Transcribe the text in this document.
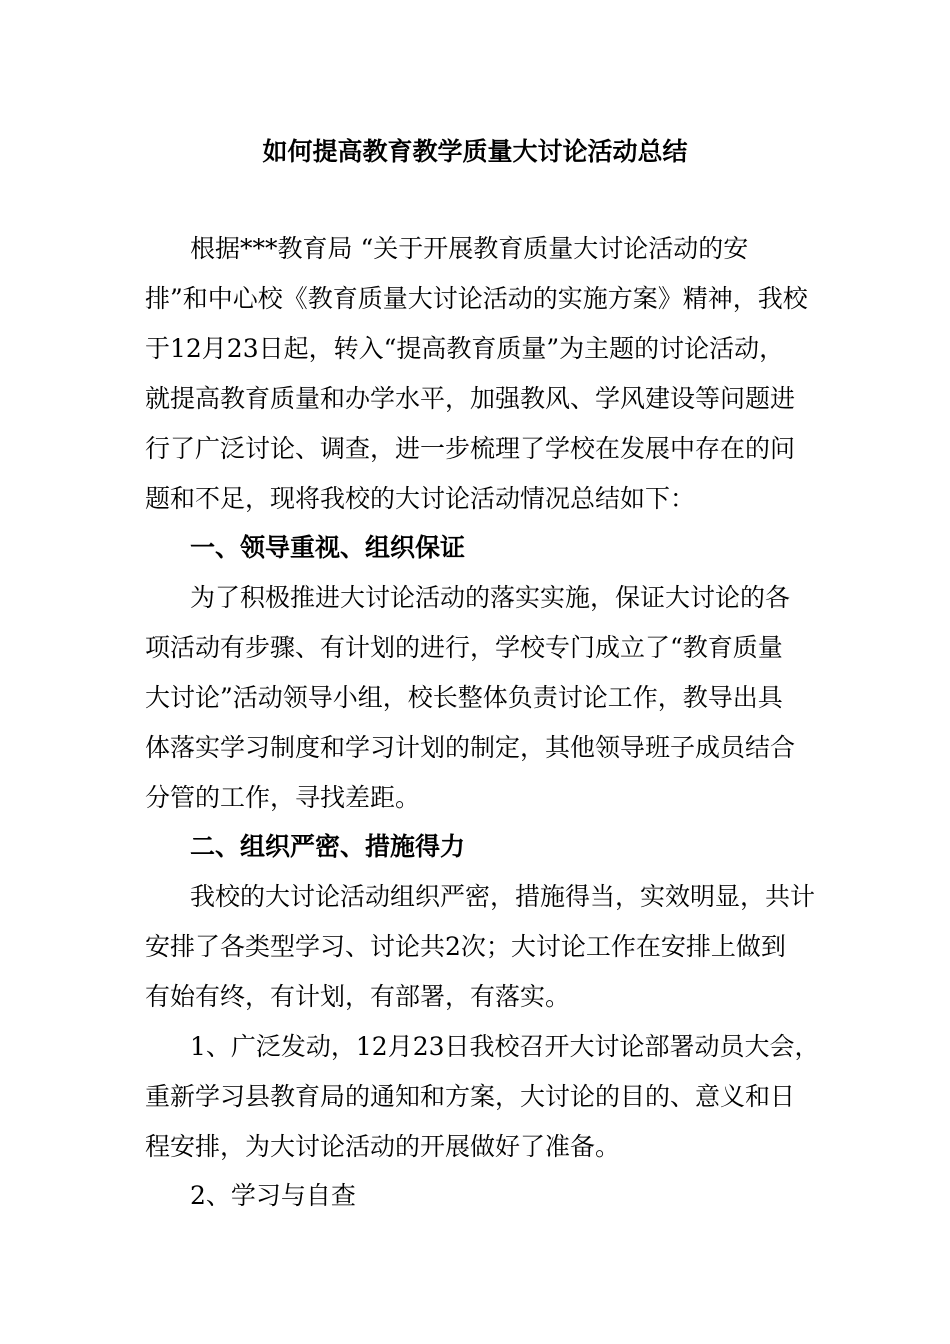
如何提高教育教学质量大讨论活动总结
根据***教育局 “关于开展教育质量大讨论活动的安
排”和中心校《教育质量大讨论活动的实施方案》精神，我校
于12月23日起，转入“提高教育质量”为主题的讨论活动，
就提高教育质量和办学水平，加强教风、学风建设等问题进
行了广泛讨论、调查，进一步梳理了学校在发展中存在的问
题和不足，现将我校的大讨论活动情况总结如下：
一、领导重视、组织保证
为了积极推进大讨论活动的落实实施，保证大讨论的各
项活动有步骤、有计划的进行，学校专门成立了“教育质量
大讨论”活动领导小组，校长整体负责讨论工作，教导出具
体落实学习制度和学习计划的制定，其他领导班子成员结合
分管的工作，寻找差距。
二、组织严密、措施得力
我校的大讨论活动组织严密，措施得当，实效明显，共计
安排了各类型学习、讨论共2次；大讨论工作在安排上做到
有始有终，有计划，有部署，有落实。
1、广泛发动，12月23日我校召开大讨论部署动员大会，
重新学习县教育局的通知和方案，大讨论的目的、意义和日
程安排，为大讨论活动的开展做好了准备。
2、学习与自查
